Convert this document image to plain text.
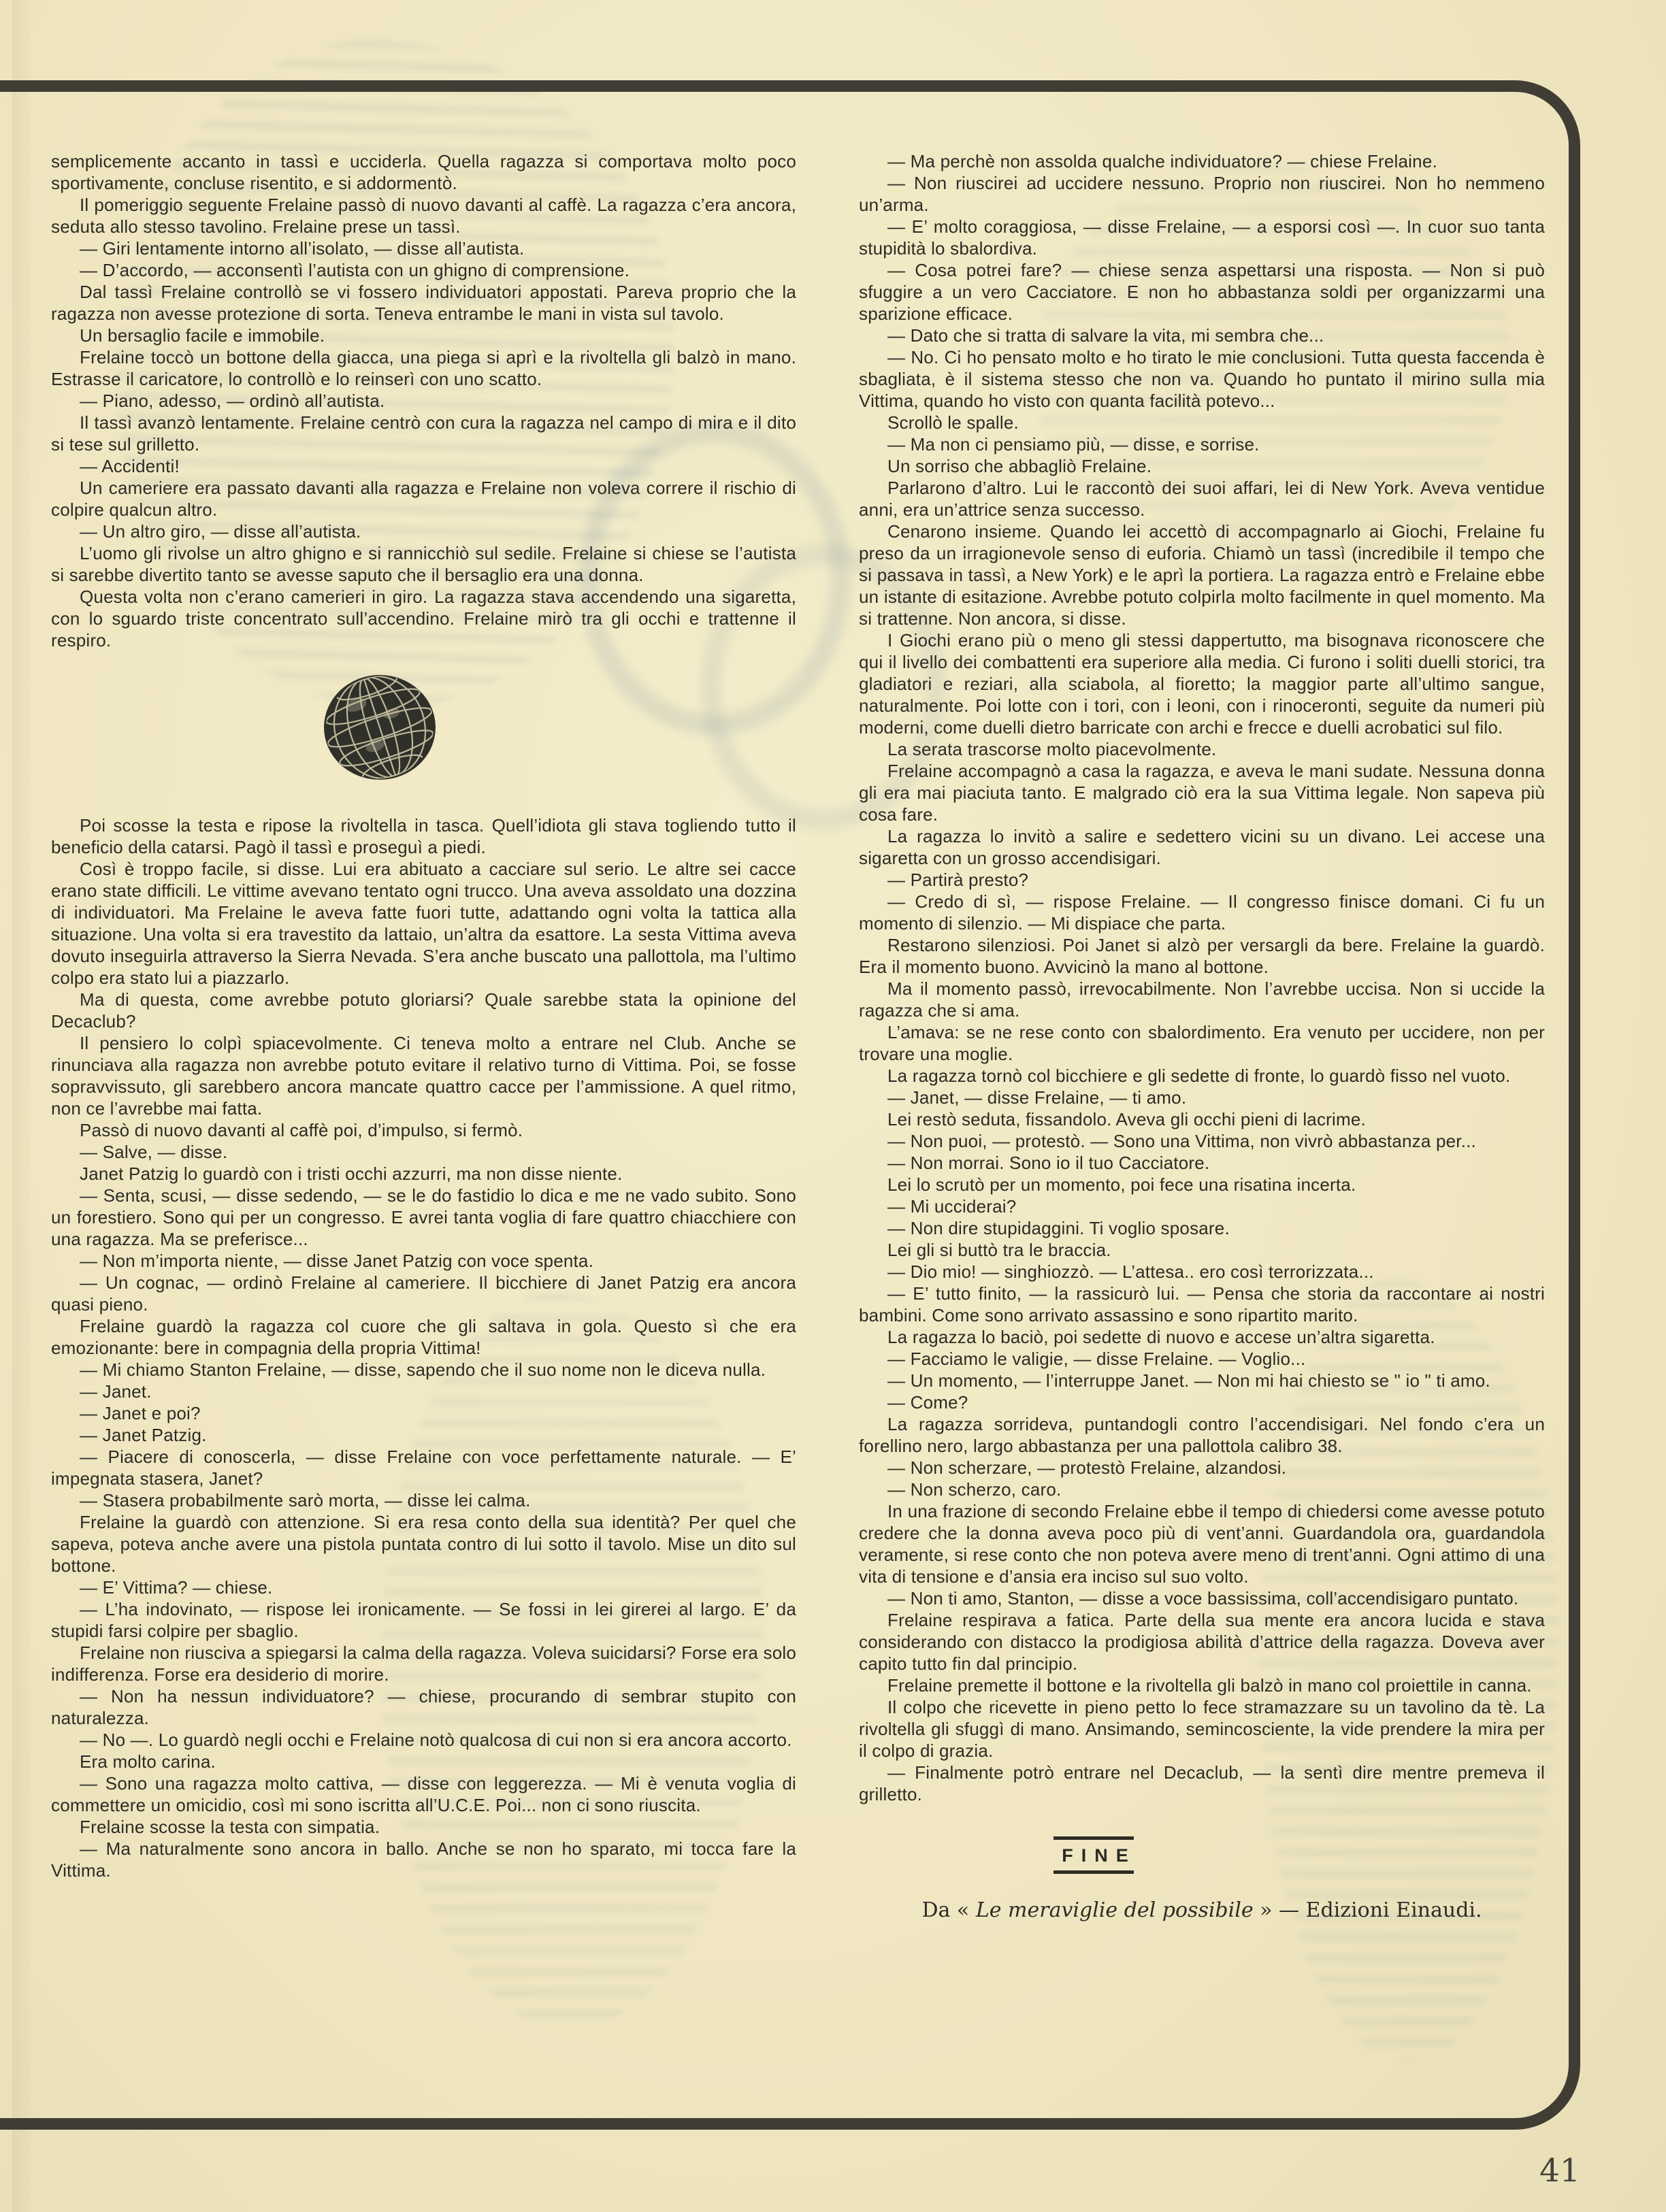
semplicemente accanto in tassì e ucciderla. Quella ragazza si comportava molto poco sportivamente, concluse risentito, e si addormentò.

Il pomeriggio seguente Frelaine passò di nuovo davanti al caffè. La ragazza c’era ancora, seduta allo stesso tavolino. Frelaine prese un tassì.

— Giri lentamente intorno all’isolato, — disse all’autista.

— D’accordo, — acconsentì l’autista con un ghigno di comprensione.

Dal tassì Frelaine controllò se vi fossero individuatori appostati. Pareva proprio che la ragazza non avesse protezione di sorta. Teneva entrambe le mani in vista sul tavolo.

Un bersaglio facile e immobile.

Frelaine toccò un bottone della giacca, una piega si aprì e la rivoltella gli balzò in mano. Estrasse il caricatore, lo controllò e lo reinserì con uno scatto.

— Piano, adesso, — ordinò all’autista.

Il tassì avanzò lentamente. Frelaine centrò con cura la ragazza nel campo di mira e il dito si tese sul grilletto.

— Accidenti!

Un cameriere era passato davanti alla ragazza e Frelaine non voleva correre il rischio di colpire qualcun altro.

— Un altro giro, — disse all’autista.

L’uomo gli rivolse un altro ghigno e si rannicchiò sul sedile. Frelaine si chiese se l’autista si sarebbe divertito tanto se avesse saputo che il bersaglio era una donna.

Questa volta non c’erano camerieri in giro. La ragazza stava accendendo una sigaretta, con lo sguardo triste concentrato sull’accendino. Frelaine mirò tra gli occhi e trattenne il respiro.

Poi scosse la testa e ripose la rivoltella in tasca. Quell’idiota gli stava togliendo tutto il beneficio della catarsi. Pagò il tassì e proseguì a piedi.

Così è troppo facile, si disse. Lui era abituato a cacciare sul serio. Le altre sei cacce erano state difficili. Le vittime avevano tentato ogni trucco. Una aveva assoldato una dozzina di individuatori. Ma Frelaine le aveva fatte fuori tutte, adattando ogni volta la tattica alla situazione. Una volta si era travestito da lattaio, un’altra da esattore. La sesta Vittima aveva dovuto inseguirla attraverso la Sierra Nevada. S’era anche buscato una pallottola, ma l’ultimo colpo era stato lui a piazzarlo.

Ma di questa, come avrebbe potuto gloriarsi? Quale sarebbe stata la opinione del Decaclub?

Il pensiero lo colpì spiacevolmente. Ci teneva molto a entrare nel Club. Anche se rinunciava alla ragazza non avrebbe potuto evitare il relativo turno di Vittima. Poi, se fosse sopravvissuto, gli sarebbero ancora mancate quattro cacce per l’ammissione. A quel ritmo, non ce l’avrebbe mai fatta.

Passò di nuovo davanti al caffè poi, d’impulso, si fermò.

— Salve, — disse.

Janet Patzig lo guardò con i tristi occhi azzurri, ma non disse niente.

— Senta, scusi, — disse sedendo, — se le do fastidio lo dica e me ne vado subito. Sono un forestiero. Sono qui per un congresso. E avrei tanta voglia di fare quattro chiacchiere con una ragazza. Ma se preferisce...

— Non m’importa niente, — disse Janet Patzig con voce spenta.

— Un cognac, — ordinò Frelaine al cameriere. Il bicchiere di Janet Patzig era ancora quasi pieno.

Frelaine guardò la ragazza col cuore che gli saltava in gola. Questo sì che era emozionante: bere in compagnia della propria Vittima!

— Mi chiamo Stanton Frelaine, — disse, sapendo che il suo nome non le diceva nulla.

— Janet.

— Janet e poi?

— Janet Patzig.

— Piacere di conoscerla, — disse Frelaine con voce perfettamente naturale. — E’ impegnata stasera, Janet?

— Stasera probabilmente sarò morta, — disse lei calma.

Frelaine la guardò con attenzione. Si era resa conto della sua identità? Per quel che sapeva, poteva anche avere una pistola puntata contro di lui sotto il tavolo. Mise un dito sul bottone.

— E’ Vittima? — chiese.

— L’ha indovinato, — rispose lei ironicamente. — Se fossi in lei girerei al largo. E’ da stupidi farsi colpire per sbaglio.

Frelaine non riusciva a spiegarsi la calma della ragazza. Voleva suicidarsi? Forse era solo indifferenza. Forse era desiderio di morire.

— Non ha nessun individuatore? — chiese, procurando di sembrar stupito con naturalezza.

— No —. Lo guardò negli occhi e Frelaine notò qualcosa di cui non si era ancora accorto.

Era molto carina.

— Sono una ragazza molto cattiva, — disse con leggerezza. — Mi è venuta voglia di commettere un omicidio, così mi sono iscritta all’U.C.E. Poi... non ci sono riuscita.

Frelaine scosse la testa con simpatia.

— Ma naturalmente sono ancora in ballo. Anche se non ho sparato, mi tocca fare la Vittima.

— Ma perchè non assolda qualche individuatore? — chiese Frelaine.

— Non riuscirei ad uccidere nessuno. Proprio non riuscirei. Non ho nemmeno un’arma.

— E’ molto coraggiosa, — disse Frelaine, — a esporsi così —. In cuor suo tanta stupidità lo sbalordiva.

— Cosa potrei fare? — chiese senza aspettarsi una risposta. — Non si può sfuggire a un vero Cacciatore. E non ho abbastanza soldi per organizzarmi una sparizione efficace.

— Dato che si tratta di salvare la vita, mi sembra che...

— No. Ci ho pensato molto e ho tirato le mie conclusioni. Tutta questa faccenda è sbagliata, è il sistema stesso che non va. Quando ho puntato il mirino sulla mia Vittima, quando ho visto con quanta facilità potevo...

Scrollò le spalle.

— Ma non ci pensiamo più, — disse, e sorrise.

Un sorriso che abbagliò Frelaine.

Parlarono d’altro. Lui le raccontò dei suoi affari, lei di New York. Aveva ventidue anni, era un’attrice senza successo.

Cenarono insieme. Quando lei accettò di accompagnarlo ai Giochi, Frelaine fu preso da un irragionevole senso di euforia. Chiamò un tassì (incredibile il tempo che si passava in tassì, a New York) e le aprì la portiera. La ragazza entrò e Frelaine ebbe un istante di esitazione. Avrebbe potuto colpirla molto facilmente in quel momento. Ma si trattenne. Non ancora, si disse.

I Giochi erano più o meno gli stessi dappertutto, ma bisognava riconoscere che qui il livello dei combattenti era superiore alla media. Ci furono i soliti duelli storici, tra gladiatori e reziari, alla sciabola, al fioretto; la maggior parte all’ultimo sangue, naturalmente. Poi lotte con i tori, con i leoni, con i rinoceronti, seguite da numeri più moderni, come duelli dietro barricate con archi e frecce e duelli acrobatici sul filo.

La serata trascorse molto piacevolmente.

Frelaine accompagnò a casa la ragazza, e aveva le mani sudate. Nessuna donna gli era mai piaciuta tanto. E malgrado ciò era la sua Vittima legale. Non sapeva più cosa fare.

La ragazza lo invitò a salire e sedettero vicini su un divano. Lei accese una sigaretta con un grosso accendisigari.

— Partirà presto?

— Credo di sì, — rispose Frelaine. — Il congresso finisce domani. Ci fu un momento di silenzio. — Mi dispiace che parta.

Restarono silenziosi. Poi Janet si alzò per versargli da bere. Frelaine la guardò. Era il momento buono. Avvicinò la mano al bottone.

Ma il momento passò, irrevocabilmente. Non l’avrebbe uccisa. Non si uccide la ragazza che si ama.

L’amava: se ne rese conto con sbalordimento. Era venuto per uccidere, non per trovare una moglie.

La ragazza tornò col bicchiere e gli sedette di fronte, lo guardò fisso nel vuoto.

— Janet, — disse Frelaine, — ti amo.

Lei restò seduta, fissandolo. Aveva gli occhi pieni di lacrime.

— Non puoi, — protestò. — Sono una Vittima, non vivrò abbastanza per...

— Non morrai. Sono io il tuo Cacciatore.

Lei lo scrutò per un momento, poi fece una risatina incerta.

— Mi ucciderai?

— Non dire stupidaggini. Ti voglio sposare.

Lei gli si buttò tra le braccia.

— Dio mio! — singhiozzò. — L’attesa.. ero così terrorizzata...

— E’ tutto finito, — la rassicurò lui. — Pensa che storia da raccontare ai nostri bambini. Come sono arrivato assassino e sono ripartito marito.

La ragazza lo baciò, poi sedette di nuovo e accese un’altra sigaretta.

— Facciamo le valigie, — disse Frelaine. — Voglio...

— Un momento, — l’interruppe Janet. — Non mi hai chiesto se " io " ti amo.

— Come?

La ragazza sorrideva, puntandogli contro l’accendisigari. Nel fondo c’era un forellino nero, largo abbastanza per una pallottola calibro 38.

— Non scherzare, — protestò Frelaine, alzandosi.

— Non scherzo, caro.

In una frazione di secondo Frelaine ebbe il tempo di chiedersi come avesse potuto credere che la donna aveva poco più di vent’anni. Guardandola ora, guardandola veramente, si rese conto che non poteva avere meno di trent’anni. Ogni attimo di una vita di tensione e d’ansia era inciso sul suo volto.

— Non ti amo, Stanton, — disse a voce bassissima, coll’accendisigaro puntato.

Frelaine respirava a fatica. Parte della sua mente era ancora lucida e stava considerando con distacco la prodigiosa abilità d’attrice della ragazza. Doveva aver capito tutto fin dal principio.

Frelaine premette il bottone e la rivoltella gli balzò in mano col proiettile in canna.

Il colpo che ricevette in pieno petto lo fece stramazzare su un tavolino da tè. La rivoltella gli sfuggì di mano. Ansimando, semincosciente, la vide prendere la mira per il colpo di grazia.

— Finalmente potrò entrare nel Decaclub, — la sentì dire mentre premeva il grilletto.

FINE
Da « Le meraviglie del possibile » — Edizioni Einaudi.
41
